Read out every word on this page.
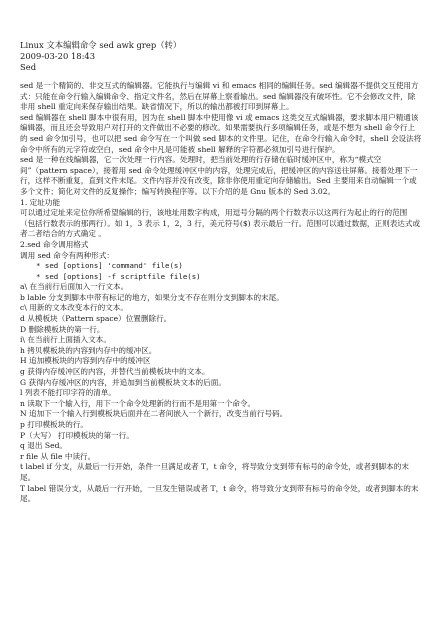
Linux 文本编辑命令 sed awk grep（转）
2009-03-20 18:43
Sed
sed 是一个精简的、非交互式的编辑器。它能执行与编辑 vi 和 emacs 相同的编辑任务。sed 编辑器不提供交互使用方式：只能在命令行输入编辑命令、指定文件名，然后在屏幕上察看输出。sed 编辑器没有破坏性。它不会修改文件，除非用 shell 重定向来保存输出结果。缺省情况下，所以的输出都被打印到屏幕上。
sed 编辑器在 shell 脚本中很有用，因为在 shell 脚本中使用像 vi 或 emacs 这类交互式编辑器，要求脚本用户精通该编辑器，而且还会导致用户对打开的文件做出不必要的修改。如果需要执行多项编辑任务，或是不想为 shell 命令行上的 sed 命令加引号，也可以把 sed 命令写在一个叫做 sed 脚本的文件里。记住，在命令行输入命令时，shell 会设法将命令中所有的元字符或空白，sed 命令中凡是可能被 shell 解释的字符都必须加引号进行保护。
sed 是一种在线编辑器，它一次处理一行内容。处理时，把当前处理的行存储在临时缓冲区中，称为“模式空间”（pattern space），接着用 sed 命令处理缓冲区中的内容，处理完成后，把缓冲区的内容送往屏幕。接着处理下一行，这样不断重复，直到文件末尾。文件内容并没有改变，除非你使用重定向存储输出。Sed 主要用来自动编辑一个或多个文件；简化对文件的反复操作；编写转换程序等。以下介绍的是 Gnu 版本的 Sed 3.02。
1. 定址功能
可以通过定址来定位你所希望编辑的行，该地址用数字构成，用逗号分隔的两个行数表示以这两行为起止的行的范围（包括行数表示的那两行）。如 1，3 表示 1，2，3 行，美元符号($) 表示最后一行。范围可以通过数据，正则表达式或者二者结合的方式确定 。
2.sed 命令调用格式
调用 sed 命令有两种形式：
* sed [options] 'command' file(s)
* sed [options] -f scriptfile file(s)
a\ 在当前行后面加入一行文本。
b lable 分支到脚本中带有标记的地方，如果分支不存在则分支到脚本的末尾。
c\ 用新的文本改变本行的文本。
d 从模板块（Pattern space）位置删除行。
D 删除模板块的第一行。
i\ 在当前行上面插入文本。
h 拷贝模板块的内容到内存中的缓冲区。
H 追加模板块的内容到内存中的缓冲区
g 获得内存缓冲区的内容，并替代当前模板块中的文本。
G 获得内存缓冲区的内容，并追加到当前模板块文本的后面。
l 列表不能打印字符的清单。
n 读取下一个输入行，用下一个命令处理新的行而不是用第一个命令。
N 追加下一个输入行到模板块后面并在二者间嵌入一个新行，改变当前行号码。
p 打印模板块的行。
P（大写） 打印模板块的第一行。
q 退出 Sed。
r file 从 file 中读行。
t label if 分支，从最后一行开始，条件一旦满足或者 T，t 命令，将导致分支到带有标号的命令处，或者到脚本的末尾。
T label 错误分支，从最后一行开始，一旦发生错误或者 T，t 命令，将导致分支到带有标号的命令处，或者到脚本的末尾。
